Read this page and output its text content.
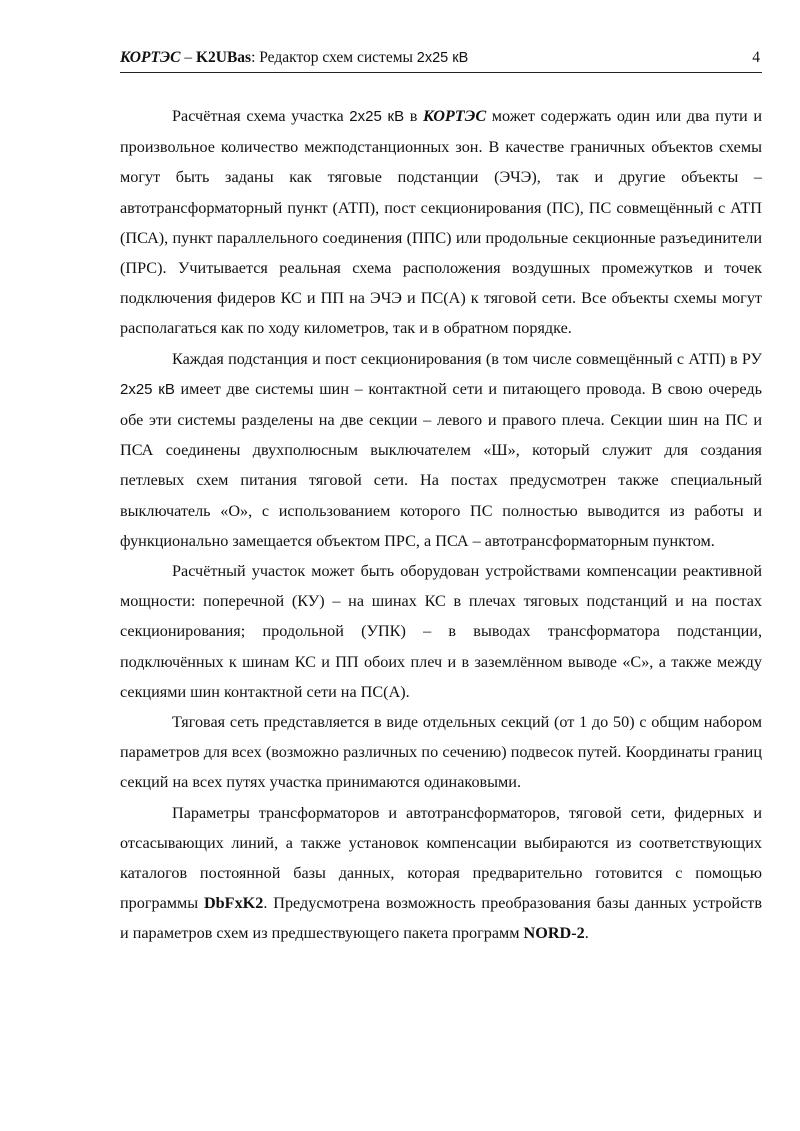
КОРТЭС – K2UBas: Редактор схем системы 2х25 кВ	4

Расчётная схема участка 2х25 кВ в КОРТЭС может содержать один или два пути и произвольное количество межподстанционных зон. В качестве граничных объектов схемы могут быть заданы как тяговые подстанции (ЭЧЭ), так и другие объекты – автотрансформаторный пункт (АТП), пост секционирования (ПС), ПС совмещённый с АТП (ПСА), пункт параллельного соединения (ППС) или продольные секционные разъединители (ПРС). Учитывается реальная схема расположения воздушных промежутков и точек подключения фидеров КС и ПП на ЭЧЭ и ПС(А) к тяговой сети. Все объекты схемы могут располагаться как по ходу километров, так и в обратном порядке.

Каждая подстанция и пост секционирования (в том числе совмещённый с АТП) в РУ 2х25 кВ имеет две системы шин – контактной сети и питающего провода. В свою очередь обе эти системы разделены на две секции – левого и правого плеча. Секции шин на ПС и ПСА соединены двухполюсным выключателем «Ш», который служит для создания петлевых схем питания тяговой сети. На постах предусмотрен также специальный выключатель «О», с использованием которого ПС полностью выводится из работы и функционально замещается объектом ПРС, а ПСА – автотрансформаторным пунктом.

Расчётный участок может быть оборудован устройствами компенсации реактивной мощности: поперечной (КУ) – на шинах КС в плечах тяговых подстанций и на постах секционирования; продольной (УПК) – в выводах трансформатора подстанции, подключённых к шинам КС и ПП обоих плеч и в заземлённом выводе «С», а также между секциями шин контактной сети на ПС(А).

Тяговая сеть представляется в виде отдельных секций (от 1 до 50) с общим набором параметров для всех (возможно различных по сечению) подвесок путей. Координаты границ секций на всех путях участка принимаются одинаковыми.

Параметры трансформаторов и автотрансформаторов, тяговой сети, фидерных и отсасывающих линий, а также установок компенсации выбираются из соответствующих каталогов постоянной базы данных, которая предварительно готовится с помощью программы DbFxK2. Предусмотрена возможность преобразования базы данных устройств и параметров схем из предшествующего пакета программ NORD-2.
